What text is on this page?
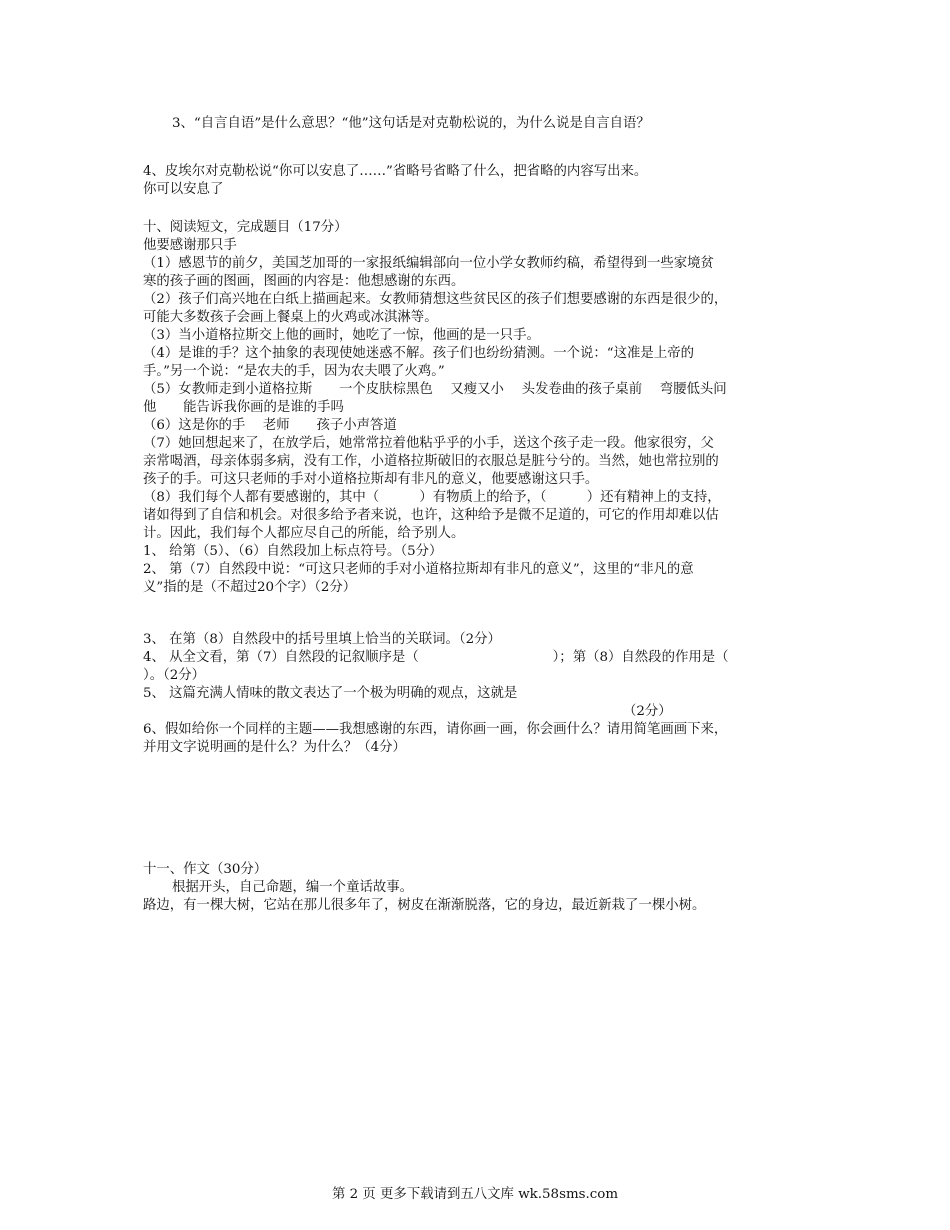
3、“自言自语”是什么意思？“他”这句话是对克勒松说的，为什么说是自言自语？
4、皮埃尔对克勒松说“你可以安息了……”省略号省略了什么，把省略的内容写出来。
你可以安息了
十、阅读短文，完成题目（17分）
他要感谢那只手
（1）感恩节的前夕，美国芝加哥的一家报纸编辑部向一位小学女教师约稿，希望得到一些家境贫
寒的孩子画的图画，图画的内容是：他想感谢的东西。
（2）孩子们高兴地在白纸上描画起来。女教师猜想这些贫民区的孩子们想要感谢的东西是很少的，
可能大多数孩子会画上餐桌上的火鸡或冰淇淋等。
（3）当小道格拉斯交上他的画时，她吃了一惊，他画的是一只手。
（4）是谁的手？这个抽象的表现使她迷惑不解。孩子们也纷纷猜测。一个说：“这准是上帝的
手。”另一个说：“是农夫的手，因为农夫喂了火鸡。”
（5）女教师走到小道格拉斯　　一个皮肤棕黑色　 又瘦又小　 头发卷曲的孩子桌前　 弯腰低头问
他　　能告诉我你画的是谁的手吗
（6）这是你的手　 老师　　孩子小声答道
（7）她回想起来了，在放学后，她常常拉着他粘乎乎的小手，送这个孩子走一段。他家很穷，父
亲常喝酒，母亲体弱多病，没有工作，小道格拉斯破旧的衣服总是脏兮兮的。当然，她也常拉别的
孩子的手。可这只老师的手对小道格拉斯却有非凡的意义，他要感谢这只手。
（8）我们每个人都有要感谢的，其中（　　　）有物质上的给予，（　　　）还有精神上的支持，
诸如得到了自信和机会。对很多给予者来说，也许，这种给予是微不足道的，可它的作用却难以估
计。因此，我们每个人都应尽自己的所能，给予别人。
1、 给第（5）、（6）自然段加上标点符号。（5分）
2、 第（7）自然段中说：“可这只老师的手对小道格拉斯却有非凡的意义”，这里的“非凡的意
义”指的是（不超过20个字）（2分）
3、 在第（8）自然段中的括号里填上恰当的关联词。（2分）
4、 从全文看，第（7）自然段的记叙顺序是（　　　　　　　　　　）；第（8）自然段的作用是（
）。（2分）
5、 这篇充满人情味的散文表达了一个极为明确的观点，这就是
（2分）
6、假如给你一个同样的主题——我想感谢的东西，请你画一画，你会画什么？请用简笔画画下来，
并用文字说明画的是什么？为什么？（4分）
十一、作文（30分）
根据开头，自己命题，编一个童话故事。
路边，有一棵大树，它站在那儿很多年了，树皮在渐渐脱落，它的身边，最近新栽了一棵小树。
第 2 页 更多下载请到五八文库 wk.58sms.com
